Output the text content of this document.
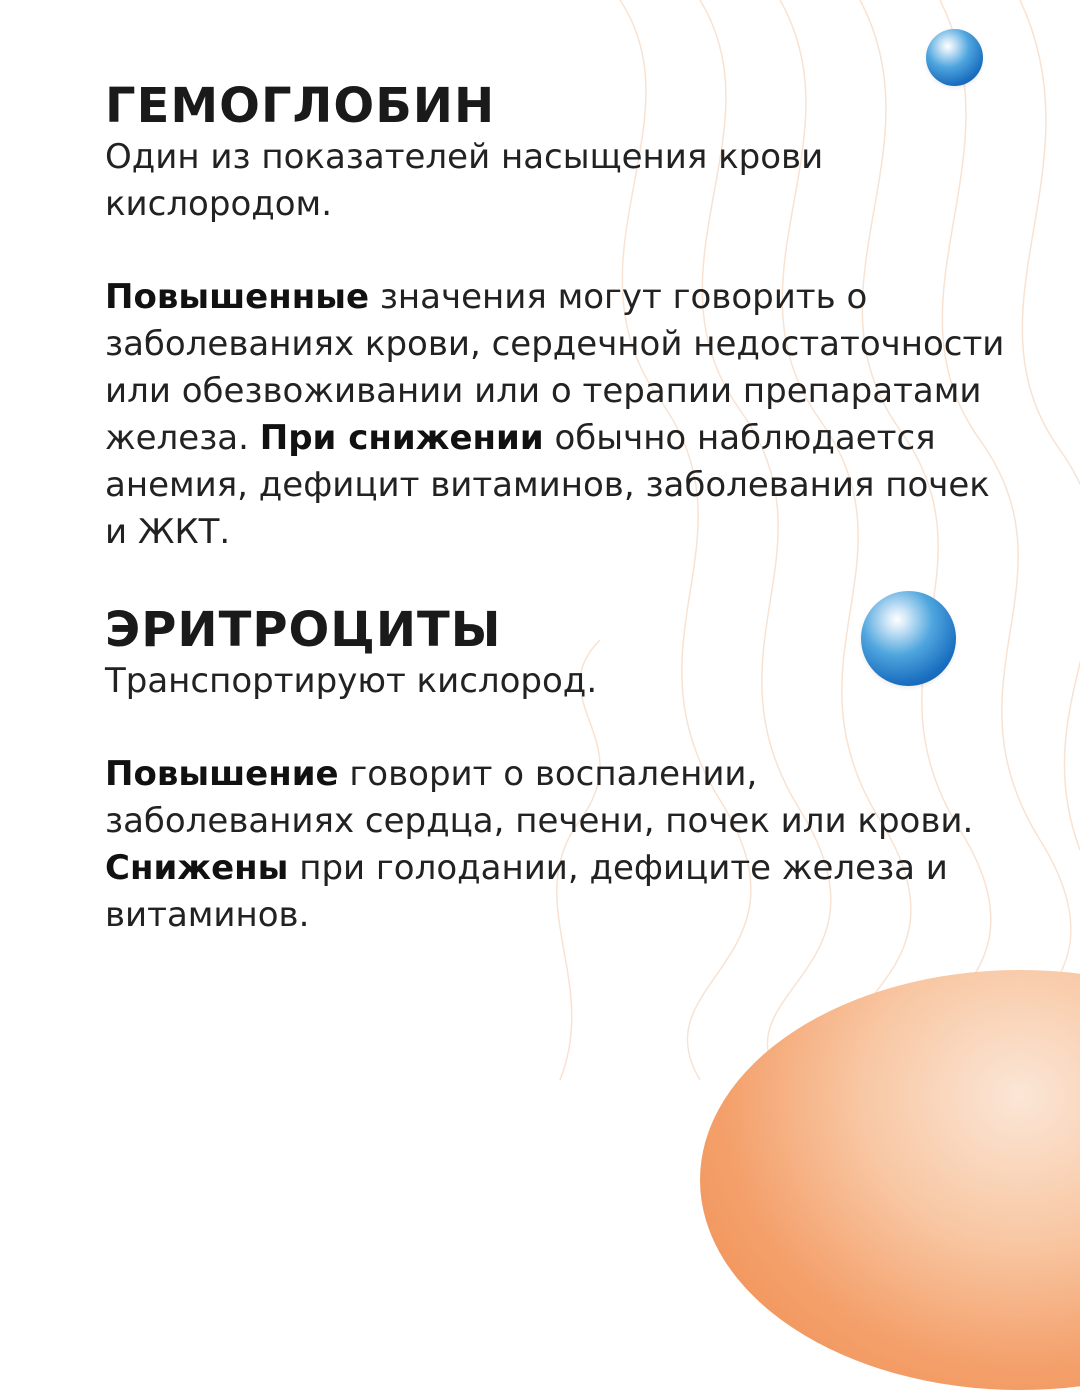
ГЕМОГЛОБИН

Один из показателей насыщения крови кислородом.

Повышенные значения могут говорить о заболеваниях крови, сердечной недостаточности или обезвоживании или о терапии препаратами железа. При снижении обычно наблюдается анемия, дефицит витаминов, заболевания почек и ЖКТ.

ЭРИТРОЦИТЫ

Транспортируют кислород.

Повышение говорит о воспалении, заболеваниях сердца, печени, почек или крови. Снижены при голодании, дефиците железа и витаминов.
